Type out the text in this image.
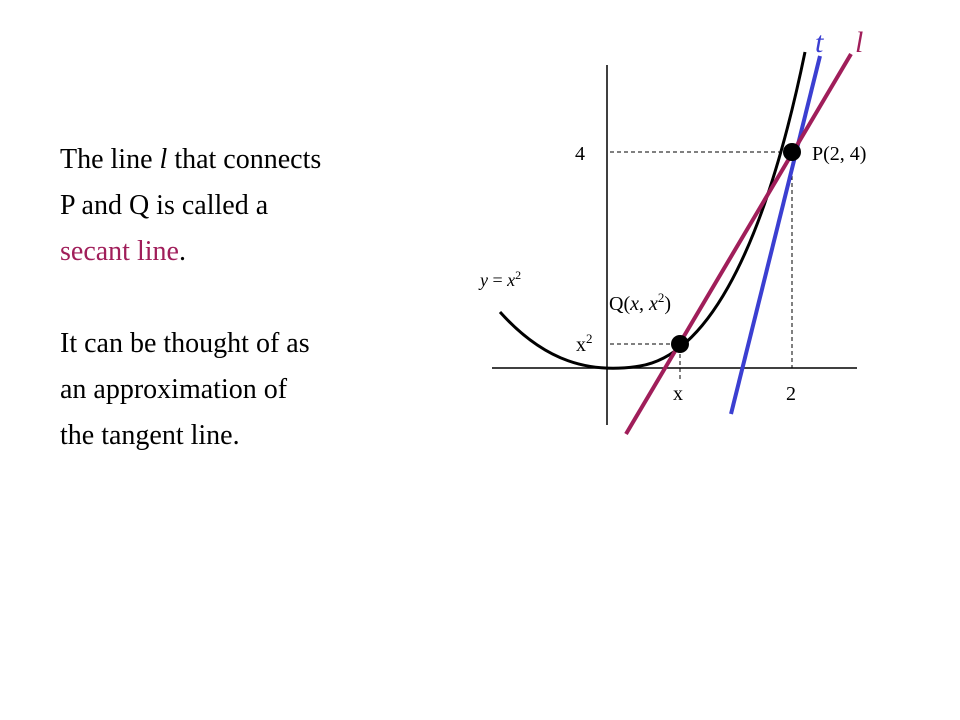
The line l that connects
P and Q is called a
secant line.
It can be thought of as
an approximation of
the tangent line.
t l
4
$x^2$
x	2
P(2, 4)
Q(x, $x^2$)
$y = x^2$
